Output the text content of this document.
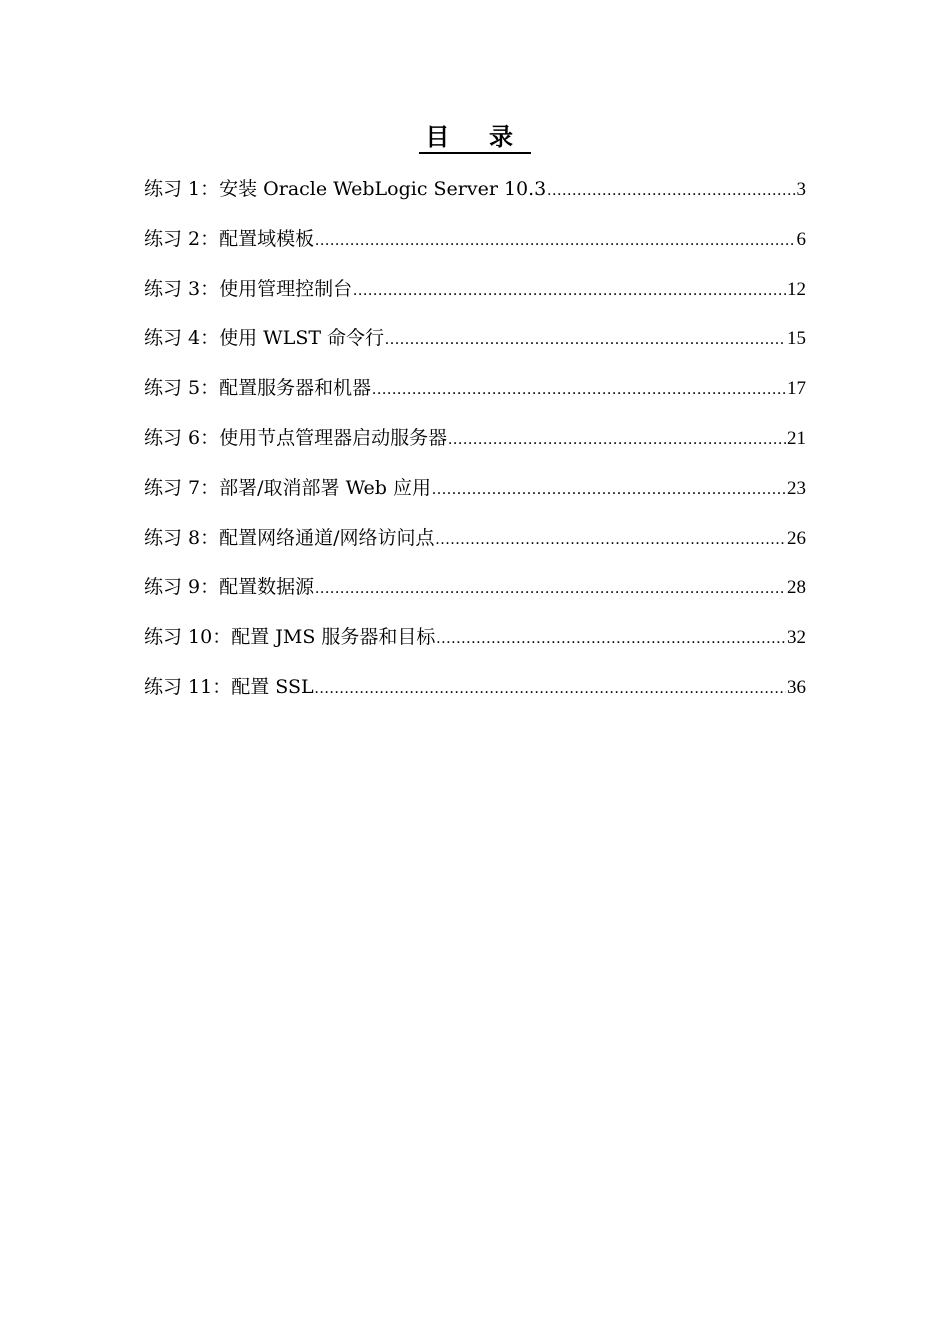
目 录
练习 1：安装 Oracle WebLogic Server 10.3 .....	3
练习 2：配置域模板 .....	6
练习 3：使用管理控制台 .....	12
练习 4：使用 WLST 命令行 .....	15
练习 5：配置服务器和机器 .....	17
练习 6：使用节点管理器启动服务器 .....	21
练习 7：部署/取消部署 Web 应用 .....	23
练习 8：配置网络通道/网络访问点 .....	26
练习 9：配置数据源 .....	28
练习 10：配置 JMS 服务器和目标 .....	32
练习 11：配置 SSL .....	36
